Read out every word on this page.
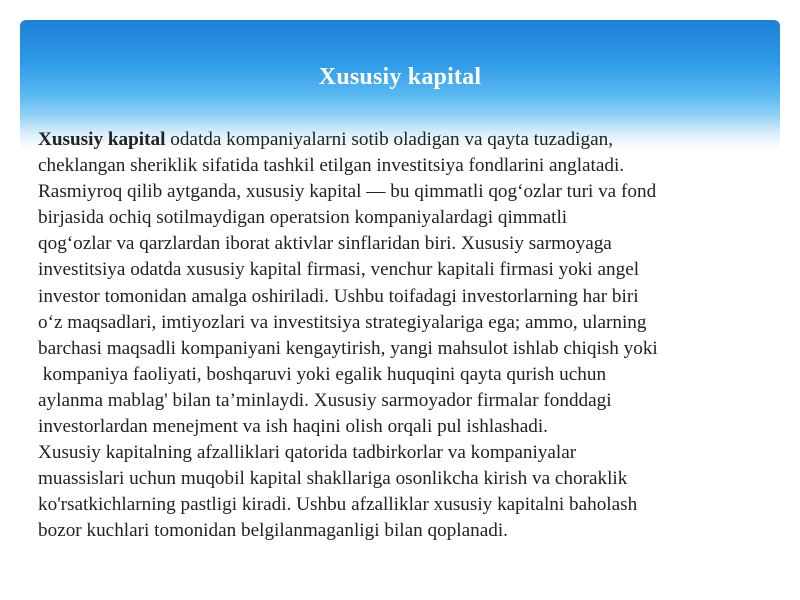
Xususiy kapital

Xususiy kapital odatda kompaniyalarni sotib oladigan va qayta tuzadigan,
cheklangan sheriklik sifatida tashkil etilgan investitsiya fondlarini anglatadi.
Rasmiyroq qilib aytganda, xususiy kapital — bu qimmatli qog‘ozlar turi va fond
birjasida ochiq sotilmaydigan operatsion kompaniyalardagi qimmatli
qog‘ozlar va qarzlardan iborat aktivlar sinflaridan biri. Xususiy sarmoyaga
investitsiya odatda xususiy kapital firmasi, venchur kapitali firmasi yoki angel
investor tomonidan amalga oshiriladi. Ushbu toifadagi investorlarning har biri
o‘z maqsadlari, imtiyozlari va investitsiya strategiyalariga ega; ammo, ularning
barchasi maqsadli kompaniyani kengaytirish, yangi mahsulot ishlab chiqish yoki
kompaniya faoliyati, boshqaruvi yoki egalik huquqini qayta qurish uchun
aylanma mablag' bilan ta’minlaydi. Xususiy sarmoyador firmalar fonddagi
investorlardan menejment va ish haqini olish orqali pul ishlashadi.

Xususiy kapitalning afzalliklari qatorida tadbirkorlar va kompaniyalar
muassislari uchun muqobil kapital shakllariga osonlikcha kirish va choraklik
ko'rsatkichlarning pastligi kiradi. Ushbu afzalliklar xususiy kapitalni baholash
bozor kuchlari tomonidan belgilanmaganligi bilan qoplanadi.
